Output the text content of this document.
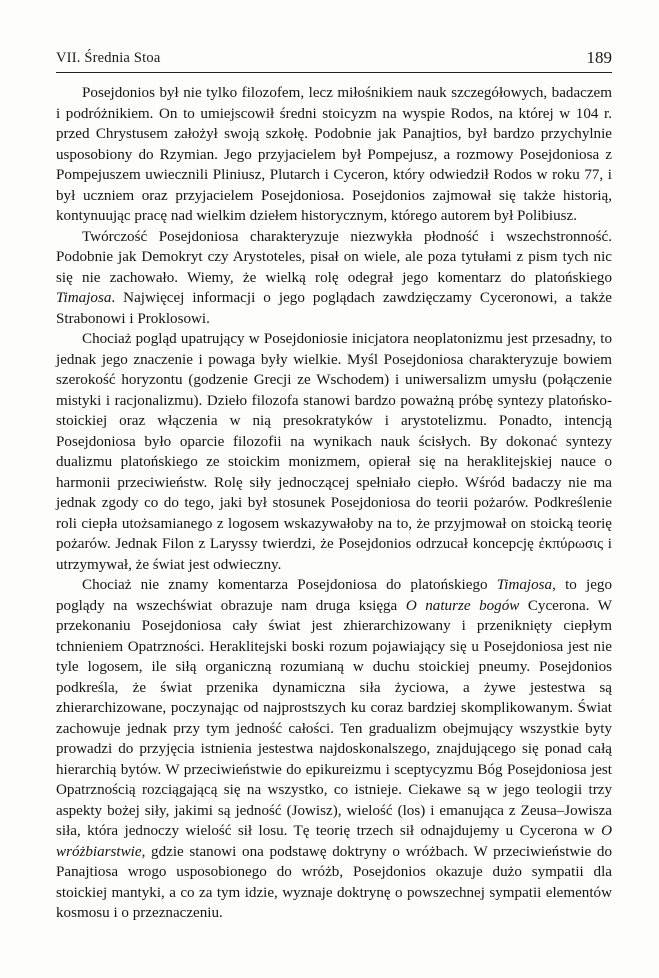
VII. Średnia Stoa	189

Posejdonios był nie tylko filozofem, lecz miłośnikiem nauk szczegółowych, badaczem i podróżnikiem. On to umiejscowił średni stoicyzm na wyspie Rodos, na której w 104 r. przed Chrystusem założył swoją szkołę. Podobnie jak Panajtios, był bardzo przychylnie usposobiony do Rzymian. Jego przyjacielem był Pompejusz, a rozmowy Posejdoniosa z Pompejuszem uwiecznili Pliniusz, Plutarch i Cyceron, który odwiedził Rodos w roku 77, i był uczniem oraz przyjacielem Posejdoniosa. Posejdonios zajmował się także historią, kontynuując pracę nad wielkim dziełem historycznym, którego autorem był Polibiusz.

Twórczość Posejdoniosa charakteryzuje niezwykła płodność i wszechstronność. Podobnie jak Demokryt czy Arystoteles, pisał on wiele, ale poza tytułami z pism tych nic się nie zachowało. Wiemy, że wielką rolę odegrał jego komentarz do platońskiego Timajosa. Najwięcej informacji o jego poglądach zawdzięczamy Cyceronowi, a także Strabonowi i Proklosowi.

Chociaż pogląd upatrujący w Posejdoniosie inicjatora neoplatonizmu jest przesadny, to jednak jego znaczenie i powaga były wielkie. Myśl Posejdoniosa charakteryzuje bowiem szerokość horyzontu (godzenie Grecji ze Wschodem) i uniwersalizm umysłu (połączenie mistyki i racjonalizmu). Dzieło filozofa stanowi bardzo poważną próbę syntezy platońsko-stoickiej oraz włączenia w nią presokratyków i arystotelizmu. Ponadto, intencją Posejdoniosa było oparcie filozofii na wynikach nauk ścisłych. By dokonać syntezy dualizmu platońskiego ze stoickim monizmem, opierał się na heraklitejskiej nauce o harmonii przeciwieństw. Rolę siły jednoczącej spełniało ciepło. Wśród badaczy nie ma jednak zgody co do tego, jaki był stosunek Posejdoniosa do teorii pożarów. Podkreślenie roli ciepła utożsamianego z logosem wskazywałoby na to, że przyjmował on stoicką teorię pożarów. Jednak Filon z Laryssy twierdzi, że Posejdonios odrzucał koncepcję ἐκπύρωσις i utrzymywał, że świat jest odwieczny.

Chociaż nie znamy komentarza Posejdoniosa do platońskiego Timajosa, to jego poglądy na wszechświat obrazuje nam druga księga O naturze bogów Cycerona. W przekonaniu Posejdoniosa cały świat jest zhierarchizowany i przenikniętу ciepłym tchnieniem Opatrzności. Heraklitejski boski rozum pojawiający się u Posejdoniosa jest nie tyle logosem, ile siłą organiczną rozumianą w duchu stoickiej pneumy. Posejdonios podkreśla, że świat przenika dynamiczna siła życiowa, a żywe jestestwa są zhierarchizowane, poczynając od najprostszych ku coraz bardziej skomplikowanym. Świat zachowuje jednak przy tym jedność całości. Ten gradualizm obejmujący wszystkie byty prowadzi do przyjęcia istnienia jestestwa najdoskonalszego, znajdującego się ponad całą hierarchią bytów. W przeciwieństwie do epikureizmu i sceptycyzmu Bóg Posejdoniosa jest Opatrznością rozciągającą się na wszystko, co istnieje. Ciekawe są w jego teologii trzy aspekty bożej siły, jakimi są jedność (Jowisz), wielość (los) i emanująca z Zeusa–Jowisza siła, która jednoczy wielość sił losu. Tę teorię trzech sił odnajdujemy u Cycerona w O wróżbiarstwie, gdzie stanowi ona podstawę doktryny o wróżbach. W przeciwieństwie do Panajtiosa wrogo usposobionego do wróżb, Posejdonios okazuje dużo sympatii dla stoickiej mantyki, a co za tym idzie, wyznaje doktrynę o powszechnej sympatii elementów kosmosu i o przeznaczeniu.
